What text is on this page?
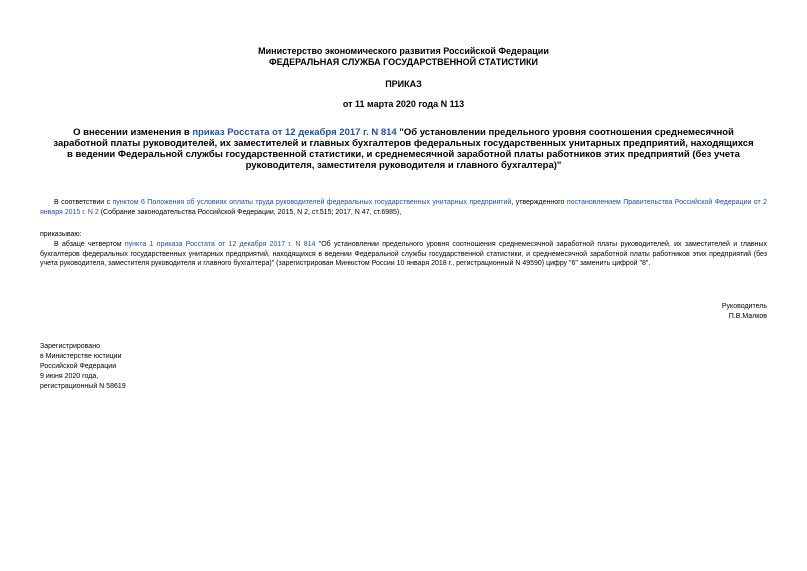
Министерство экономического развития Российской Федерации
ФЕДЕРАЛЬНАЯ СЛУЖБА ГОСУДАРСТВЕННОЙ СТАТИСТИКИ
ПРИКАЗ
от 11 марта 2020 года N 113
О внесении изменения в приказ Росстата от 12 декабря 2017 г. N 814 "Об установлении предельного уровня соотношения среднемесячной заработной платы руководителей, их заместителей и главных бухгалтеров федеральных государственных унитарных предприятий, находящихся в ведении Федеральной службы государственной статистики, и среднемесячной заработной платы работников этих предприятий (без учета руководителя, заместителя руководителя и главного бухгалтера)"
В соответствии с пунктом 6 Положения об условиях оплаты труда руководителей федеральных государственных унитарных предприятий, утвержденного постановлением Правительства Российской Федерации от 2 января 2015 г. N 2 (Собрание законодательства Российской Федерации, 2015, N 2, ст.515; 2017, N 47, ст.6985),
приказываю:
В абзаце четвертом пункта 1 приказа Росстата от 12 декабря 2017 г. N 814 "Об установлении предельного уровня соотношения среднемесячной заработной платы руководителей, их заместителей и главных бухгалтеров федеральных государственных унитарных предприятий, находящихся в ведении Федеральной службы государственной статистики, и среднемесячной заработной платы работников этих предприятий (без учета руководителя, заместителя руководителя и главного бухгалтера)" (зарегистрирован Минюстом России 10 января 2018 г., регистрационный N 49590) цифру "6" заменить цифрой "8".
Руководитель
П.В.Малков
Зарегистрировано
в Министерстве юстиции
Российской Федерации
9 июня 2020 года,
регистрационный N 58619
